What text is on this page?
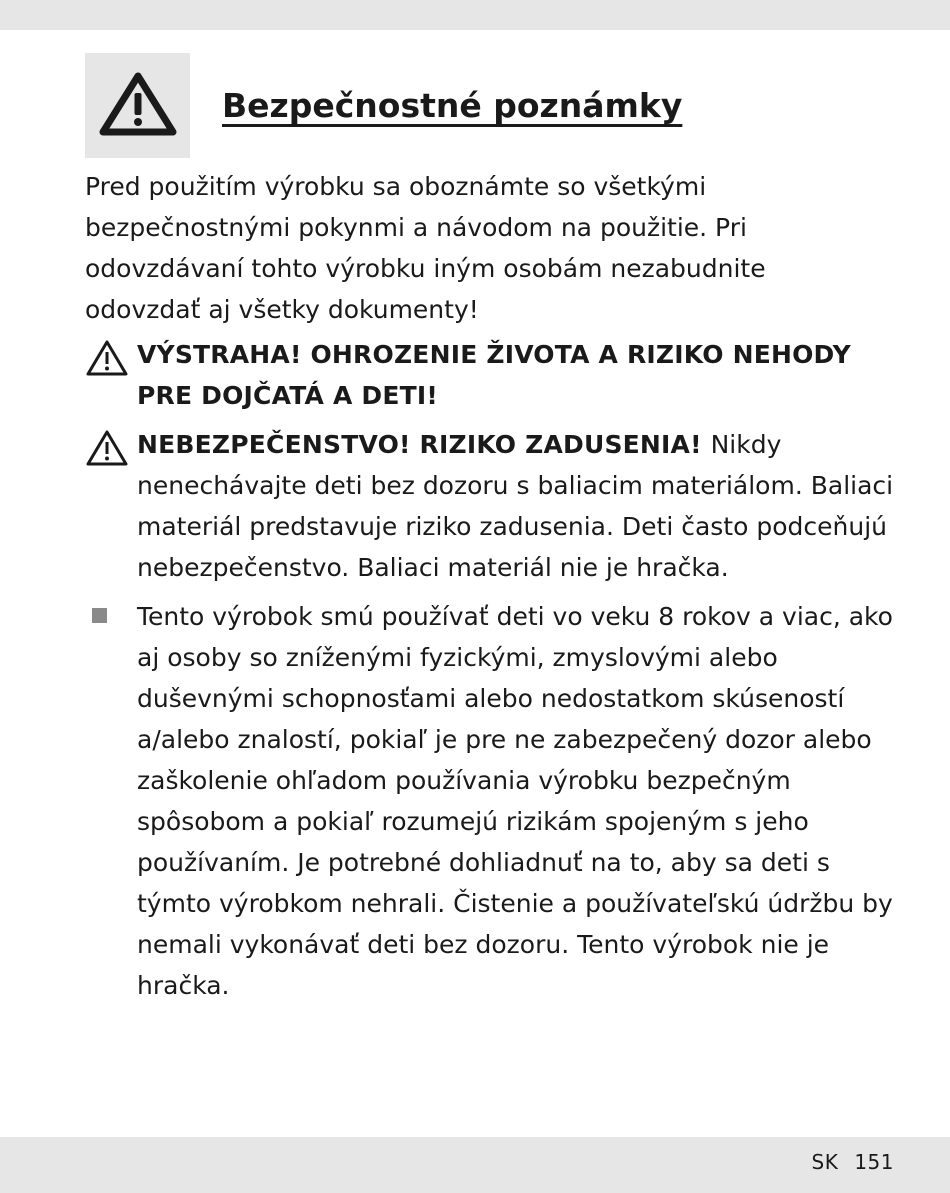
Bezpečnostné poznámky

Pred použitím výrobku sa oboznámte so všetkými bezpečnostnými pokynmi a návodom na použitie. Pri odovzdávaní tohto výrobku iným osobám nezabudnite odovzdať aj všetky dokumenty!

VÝSTRAHA! OHROZENIE ŽIVOTA A RIZIKO NEHODY PRE DOJČATÁ A DETI!
NEBEZPEČENSTVO! RIZIKO ZADUSENIA! Nikdy nenechávajte deti bez dozoru s baliacim materiálom. Baliaci materiál predstavuje riziko zadusenia. Deti často podceňujú nebezpečenstvo. Baliaci materiál nie je hračka.
Tento výrobok smú používať deti vo veku 8 rokov a viac, ako aj osoby so zníženými fyzickými, zmyslovými alebo duševnými schopnosťami alebo nedostatkom skúseností a/alebo znalostí, pokiaľ je pre ne zabezpečený dozor alebo zaškolenie ohľadom používania výrobku bezpečným spôsobom a pokiaľ rozumejú rizikám spojeným s jeho používaním. Je potrebné dohliadnuť na to, aby sa deti s týmto výrobkom nehrali. Čistenie a používateľskú údržbu by nemali vykonávať deti bez dozoru. Tento výrobok nie je hračka.
SK 151
